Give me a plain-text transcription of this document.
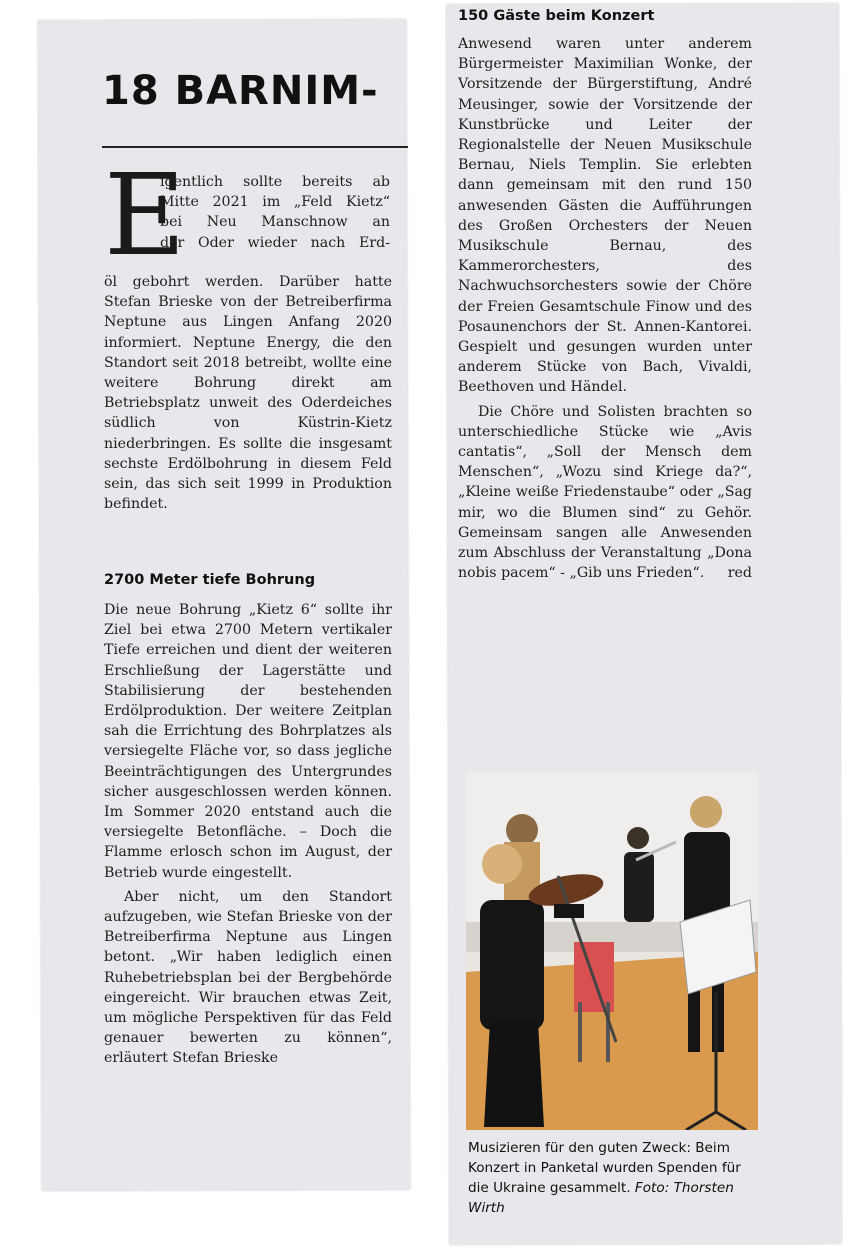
18 BARNIM-
E
igentlich sollte bereits ab
Mitte 2021 im „Feld Kietz“
bei Neu Manschnow an
der Oder wieder nach Erd-

öl gebohrt werden. Darüber hatte Stefan Brieske von der Betreiberfirma Neptune aus Lingen Anfang 2020 informiert. Neptune Energy, die den Standort seit 2018 betreibt, wollte eine weitere Bohrung direkt am Betriebsplatz unweit des Oderdeiches südlich von Küstrin-Kietz niederbringen. Es sollte die insgesamt sechste Erdölbohrung in diesem Feld sein, das sich seit 1999 in Produktion befindet.

2700 Meter tiefe Bohrung

Die neue Bohrung „Kietz 6“ sollte ihr Ziel bei etwa 2700 Metern vertikaler Tiefe erreichen und dient der weiteren Erschließung der Lagerstätte und Stabilisierung der bestehenden Erdölproduktion. Der weitere Zeitplan sah die Errichtung des Bohrplatzes als versiegelte Fläche vor, so dass jegliche Beeinträchtigungen des Untergrundes sicher ausgeschlossen werden können. Im Sommer 2020 entstand auch die versiegelte Betonfläche. – Doch die Flamme erlosch schon im August, der Betrieb wurde eingestellt.

Aber nicht, um den Standort aufzugeben, wie Stefan Brieske von der Betreiberfirma Neptune aus Lingen betont. „Wir haben lediglich einen Ruhebetriebsplan bei der Bergbehörde eingereicht. Wir brauchen etwas Zeit, um mögliche Perspektiven für das Feld genauer bewerten zu können“, erläutert Stefan Brieske

150 Gäste beim Konzert

Anwesend waren unter anderem Bürgermeister Maximilian Wonke, der Vorsitzende der Bürgerstiftung, André Meusinger, sowie der Vorsitzende der Kunstbrücke und Leiter der Regionalstelle der Neuen Musikschule Bernau, Niels Templin. Sie erlebten dann gemeinsam mit den rund 150 anwesenden Gästen die Aufführungen des Großen Orchesters der Neuen Musikschule Bernau, des Kammerorchesters, des Nachwuchsorchesters sowie der Chöre der Freien Gesamtschule Finow und des Posaunenchors der St. Annen-Kantorei. Gespielt und gesungen wurden unter anderem Stücke von Bach, Vivaldi, Beethoven und Händel.

Die Chöre und Solisten brachten so unterschiedliche Stücke wie „Avis cantatis“, „Soll der Mensch dem Menschen“, „Wozu sind Kriege da?“, „Kleine weiße Friedenstaube“ oder „Sag mir, wo die Blumen sind“ zu Gehör. Gemeinsam sangen alle Anwesenden zum Abschluss der Veranstaltung „Dona nobis pacem“ - „Gib uns Frieden“.	red

Musizieren für den guten Zweck: Beim Konzert in Panketal wurden Spenden für die Ukraine gesammelt. Foto: Thorsten Wirth
